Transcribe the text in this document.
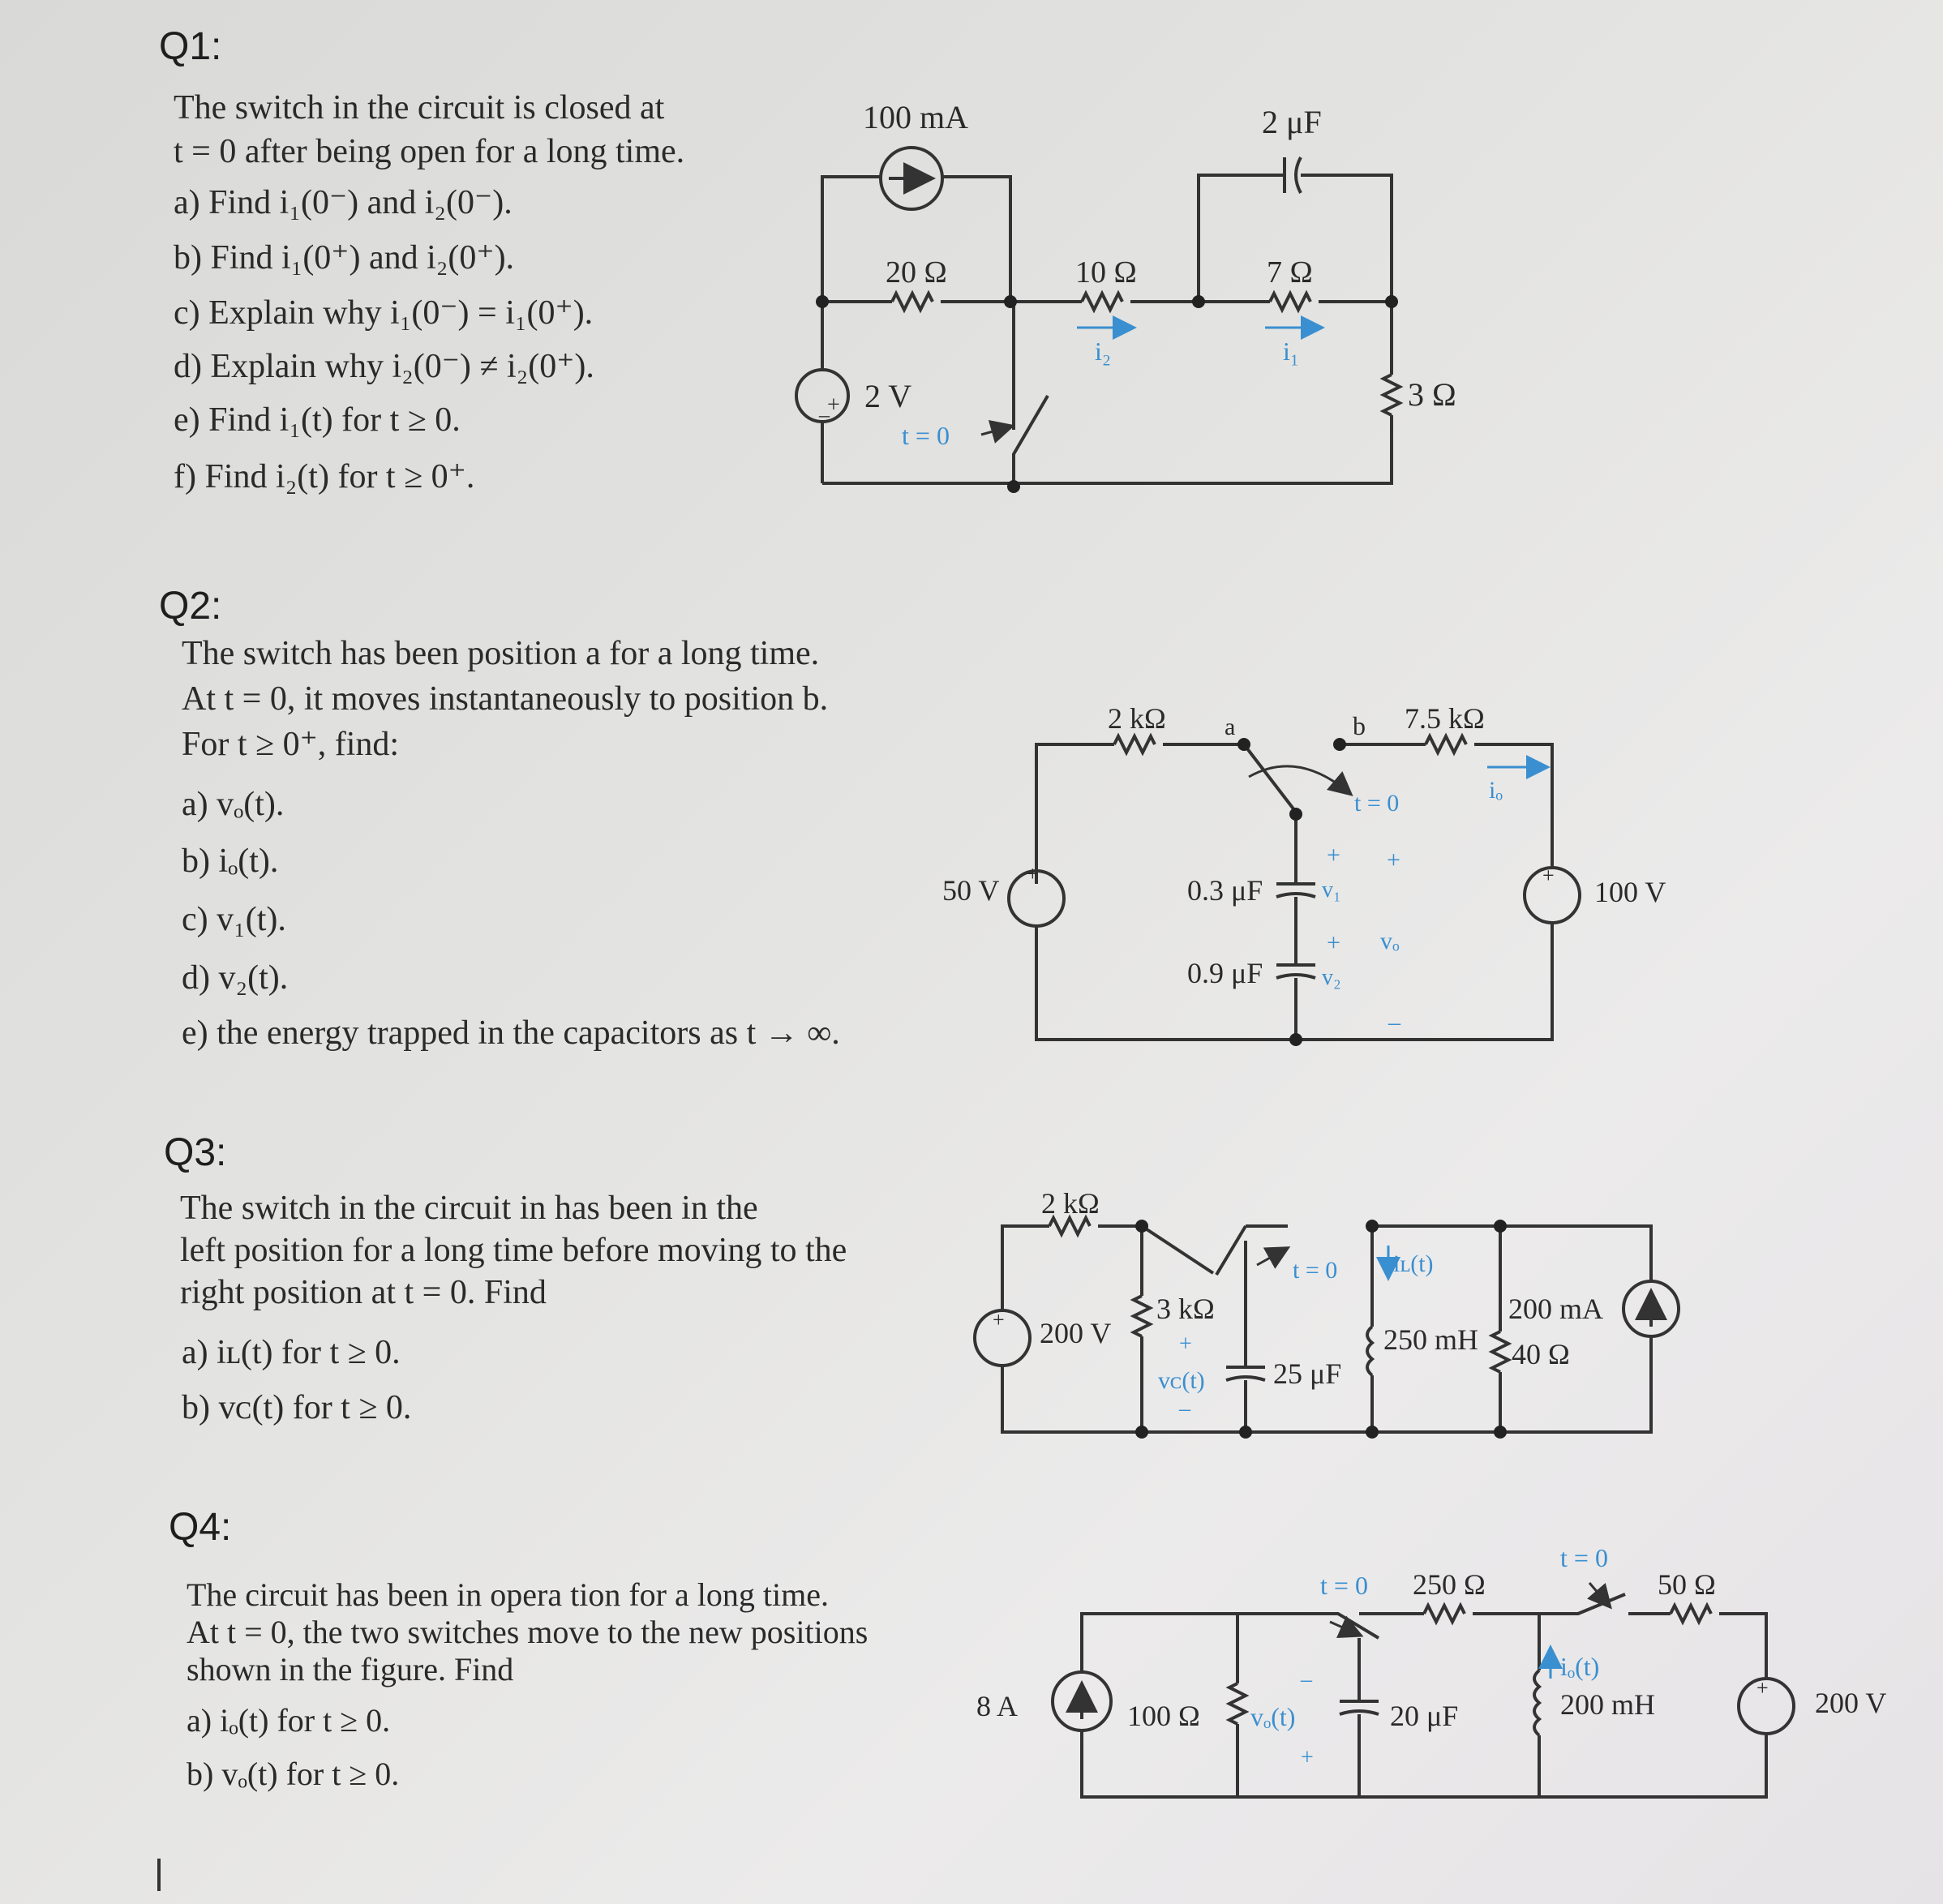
Q1:
The switch in the circuit is closed at
t = 0 after being open for a long time.
a) Find i₁(0⁻) and i₂(0⁻).
b) Find i₁(0⁺) and i₂(0⁺).
c) Explain why i₁(0⁻) = i₁(0⁺).
d) Explain why i₂(0⁻) ≠ i₂(0⁺).
e) Find i₁(t) for t ≥ 0.
f) Find i₂(t) for t ≥ 0⁺.
Q2:
The switch has been position a for a long time.
At t = 0, it moves instantaneously to position b.
For t ≥ 0⁺, find:
a) vₒ(t).
b) iₒ(t).
c) v₁(t).
d) v₂(t).
e) the energy trapped in the capacitors as t → ∞.
Q3:
The switch in the circuit in has been in the
left position for a long time before moving to the
right position at t = 0. Find
a) iʟ(t) for t ≥ 0.
b) vᴄ(t) for t ≥ 0.
Q4:
The circuit has been in opera tion for a long time.
At t = 0, the two switches move to the new positions
shown in the figure. Find
a) iₒ(t) for t ≥ 0.
b) vₒ(t) for t ≥ 0.
+
–
100 mA	2 μF
20 Ω	10 Ω	7 Ω
3 Ω
i₂	i₁
2 V
t = 0
2 kΩ a	b 7.5 kΩ
iₒ
t = 0
50 V	0.3 μF
0.9 μF
v₁
v₂
vₒ
100 V
+ +
+
–
+	+
2 kΩ
t = 0 iʟ(t)
200 V
3 kΩ
vᴄ(t) 25 μF
250 mH
200 mA
40 Ω
+
–
+
t = 0 250 Ω
t = 0
50 Ω
8 A	100 Ω vₒ(t)	20 μF
iₒ(t)
200 mH	200 V
–
+
+
